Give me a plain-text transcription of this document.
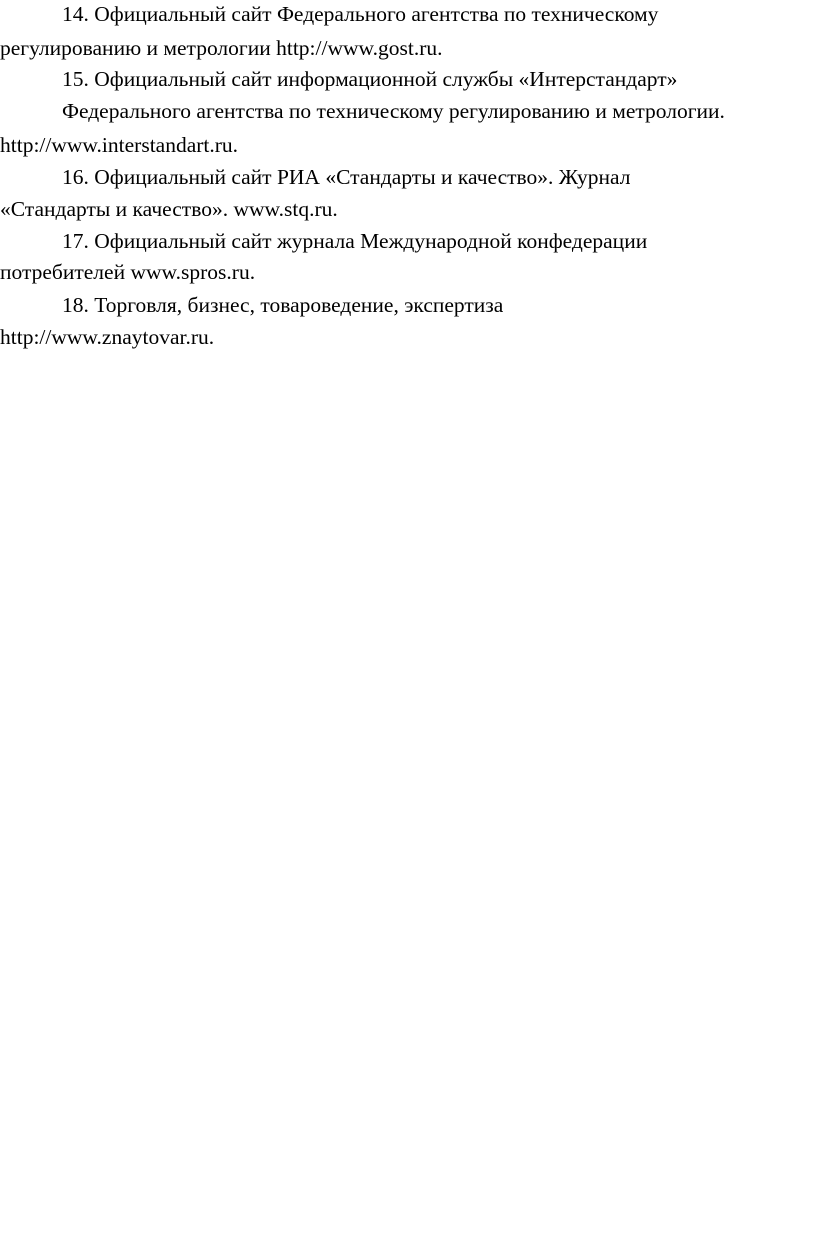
14. Официальный сайт Федерального агентства по техническому

регулированию и метрологии http://www.gost.ru.

15. Официальный сайт информационной службы «Интерстандарт»

Федерального агентства по техническому регулированию и метрологии.

http://www.interstandart.ru.

16. Официальный сайт РИА «Стандарты и качество». Журнал

«Стандарты и качество». www.stq.ru.

17. Официальный сайт журнала Международной конфедерации

потребителей www.spros.ru.

18. Торговля, бизнес, товароведение, экспертиза

http://www.znaytovar.ru.
